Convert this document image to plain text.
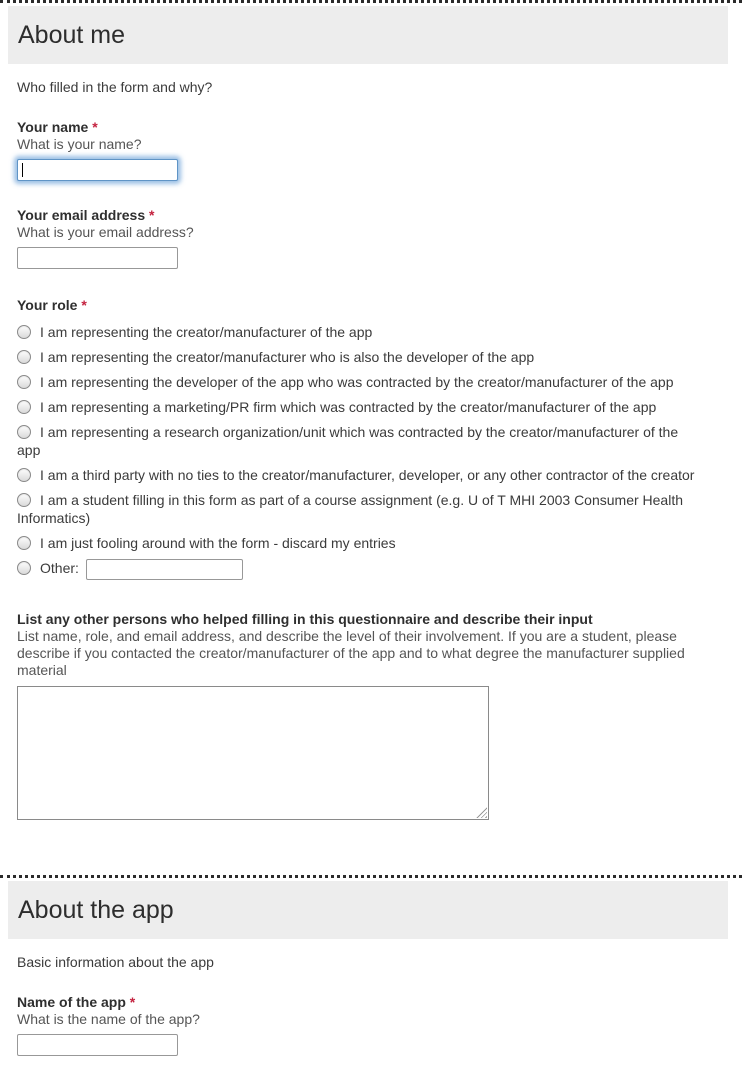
About me

Who filled in the form and why?

Your name *
What is your name?
Your email address *
What is your email address?
Your role *
I am representing the creator/manufacturer of the app
I am representing the creator/manufacturer who is also the developer of the app
I am representing the developer of the app who was contracted by the creator/manufacturer of the app
I am representing a marketing/PR firm which was contracted by the creator/manufacturer of the app
I am representing a research organization/unit which was contracted by the creator/manufacturer of the app
I am a third party with no ties to the creator/manufacturer, developer, or any other contractor of the creator
I am a student filling in this form as part of a course assignment (e.g. U of T MHI 2003 Consumer Health Informatics)
I am just fooling around with the form - discard my entries
Other:
List any other persons who helped filling in this questionnaire and describe their input
List name, role, and email address, and describe the level of their involvement. If you are a student, please describe if you contacted the creator/manufacturer of the app and to what degree the manufacturer supplied material
About the app

Basic information about the app

Name of the app *
What is the name of the app?
